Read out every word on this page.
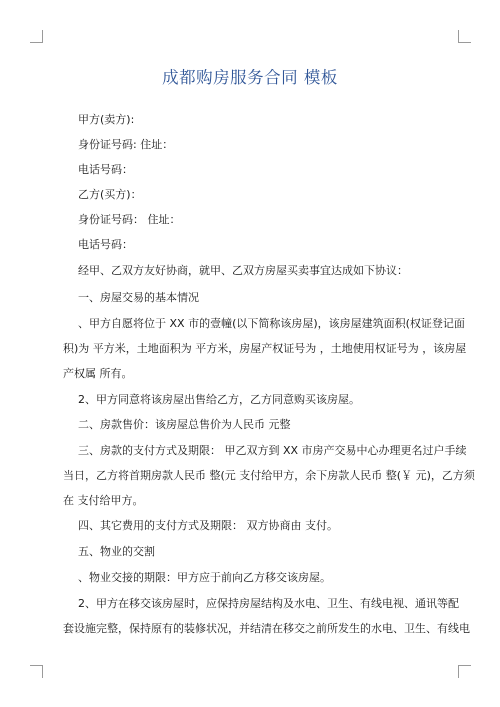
成都购房服务合同 模板
甲方(卖方):
身份证号码: 住址：
电话号码：
乙方(买方)：
身份证号码： 住址：
电话号码：
经甲、乙双方友好协商，就甲、乙双方房屋买卖事宜达成如下协议：
一、房屋交易的基本情况
、甲方自愿将位于 XX 市的壹幢(以下简称该房屋)，该房屋建筑面积(权证登记面
积)为 平方米，土地面积为 平方米，房屋产权证号为 ，土地使用权证号为 ，该房屋
产权属 所有。
2、甲方同意将该房屋出售给乙方，乙方同意购买该房屋。
二、房款售价：该房屋总售价为人民币 元整
三、房款的支付方式及期限： 甲乙双方到 XX 市房产交易中心办理更名过户手续
当日，乙方将首期房款人民币 整(元 支付给甲方，余下房款人民币 整(￥ 元)，乙方须
在 支付给甲方。
四、其它费用的支付方式及期限： 双方协商由 支付。
五、物业的交割
、物业交接的期限：甲方应于前向乙方移交该房屋。
2、甲方在移交该房屋时，应保持房屋结构及水电、卫生、有线电视、通讯等配
套设施完整，保持原有的装修状况，并结清在移交之前所发生的水电、卫生、有线电
